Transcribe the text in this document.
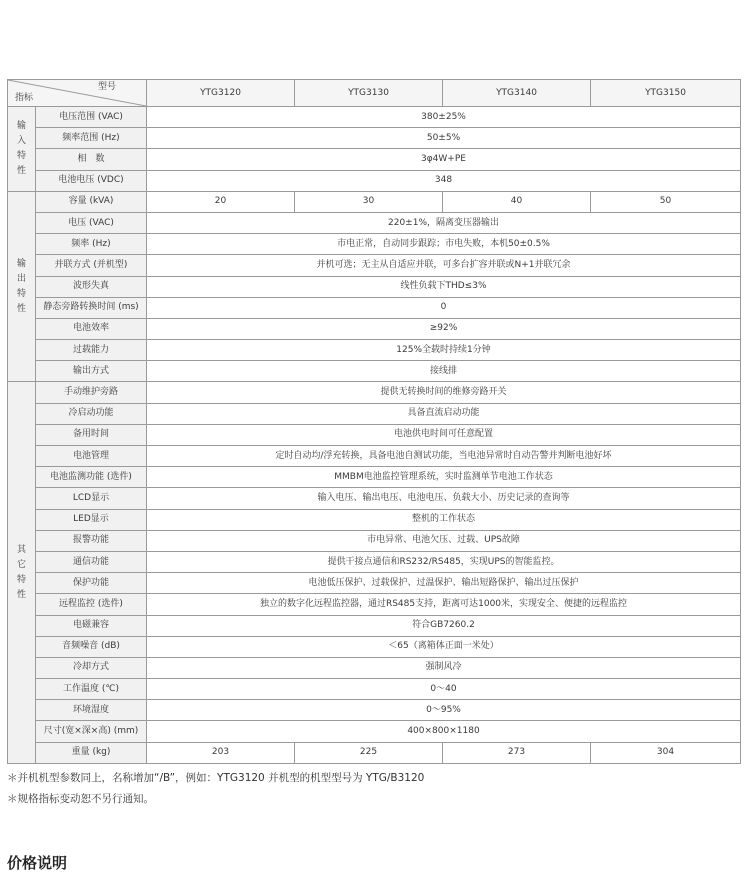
型号
指标		YTG3120	YTG3130	YTG3140	YTG3150
输入特性	电压范围 (VAC)	380±25%			
	频率范围 (Hz)	50±5%			
	相　数	3φ4W+PE			
	电池电压 (VDC)	348			
输出特性	容量 (kVA)	20	30	40	50
	电压 (VAC)	220±1%，隔离变压器输出			
	频率 (Hz)	市电正常，自动同步跟踪；市电失败，本机50±0.5%			
	并联方式 (并机型)	并机可选；无主从自适应并联，可多台扩容并联或N+1并联冗余			
	波形失真	线性负载下THD≤3%			
	静态旁路转换时间 (ms)	0			
	电池效率	≥92%			
	过载能力	125%全载时持续1分钟			
	输出方式	接线排			
其它特性	手动维护旁路	提供无转换时间的维修旁路开关			
	冷启动功能	具备直流启动功能			
	备用时间	电池供电时间可任意配置			
	电池管理	定时自动均/浮充转换，具备电池自测试功能，当电池异常时自动告警并判断电池好坏			
	电池监测功能 (选件)	MMBM电池监控管理系统，实时监测单节电池工作状态			
	LCD显示	输入电压、输出电压、电池电压、负载大小、历史记录的查询等			
	LED显示	整机的工作状态			
	报警功能	市电异常、电池欠压、过载、UPS故障			
	通信功能	提供干接点通信和RS232/RS485，实现UPS的智能监控。			
	保护功能	电池低压保护、过载保护、过温保护、输出短路保护、输出过压保护			
	远程监控 (选件)	独立的数字化远程监控器，通过RS485支持，距离可达1000米，实现安全、便捷的远程监控			
	电磁兼容	符合GB7260.2			
	音频噪音 (dB)	＜65（离箱体正面一米处）			
	冷却方式	强制风冷			
	工作温度 (℃)	0～40			
	环境湿度	0～95%			
	尺寸(宽×深×高) (mm)	400×800×1180			
	重量 (kg)	203	225	273	304

＊并机机型参数同上，名称增加“/B”，例如：YTG3120 并机型的机型型号为 YTG/B3120

＊规格指标变动恕不另行通知。

价格说明
